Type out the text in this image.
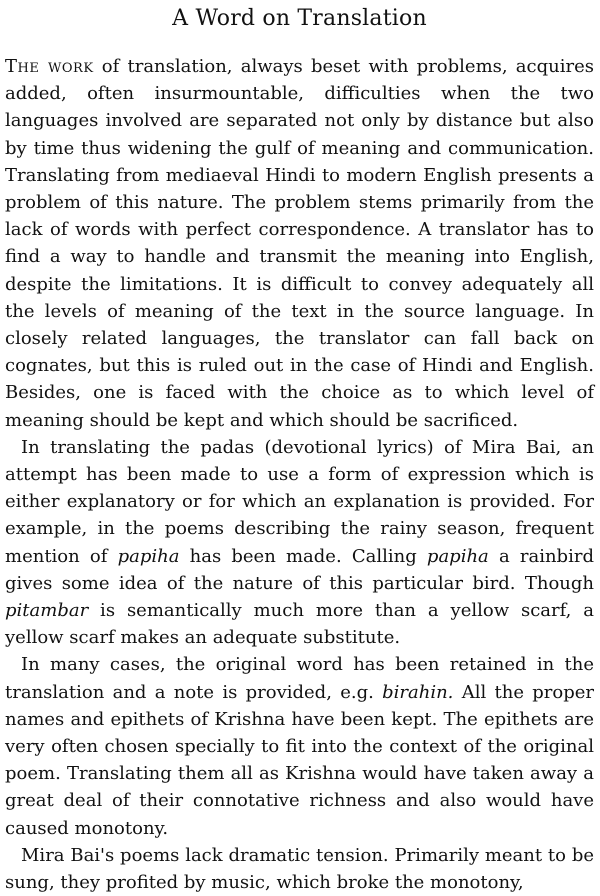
A Word on Translation

The work of translation, always beset with problems, acquires added, often insurmountable, difficulties when the two languages involved are separated not only by distance but also by time thus widening the gulf of meaning and communication. Translating from mediaeval Hindi to modern English presents a problem of this nature. The problem stems primarily from the lack of words with perfect correspondence. A translator has to find a way to handle and transmit the meaning into English, despite the limitations. It is difficult to convey adequately all the levels of meaning of the text in the source language. In closely related languages, the translator can fall back on cognates, but this is ruled out in the case of Hindi and English. Besides, one is faced with the choice as to which level of meaning should be kept and which should be sacrificed.

In translating the padas (devotional lyrics) of Mira Bai, an attempt has been made to use a form of expression which is either explanatory or for which an explanation is provided. For example, in the poems describing the rainy season, frequent mention of papiha has been made. Calling papiha a rainbird gives some idea of the nature of this particular bird. Though pitambar is semantically much more than a yellow scarf, a yellow scarf makes an adequate substitute.

In many cases, the original word has been retained in the translation and a note is provided, e.g. birahin. All the proper names and epithets of Krishna have been kept. The epithets are very often chosen specially to fit into the context of the original poem. Translating them all as Krishna would have taken away a great deal of their connotative richness and also would have caused monotony.

Mira Bai's poems lack dramatic tension. Primarily meant to be sung, they profited by music, which broke the monotony,
